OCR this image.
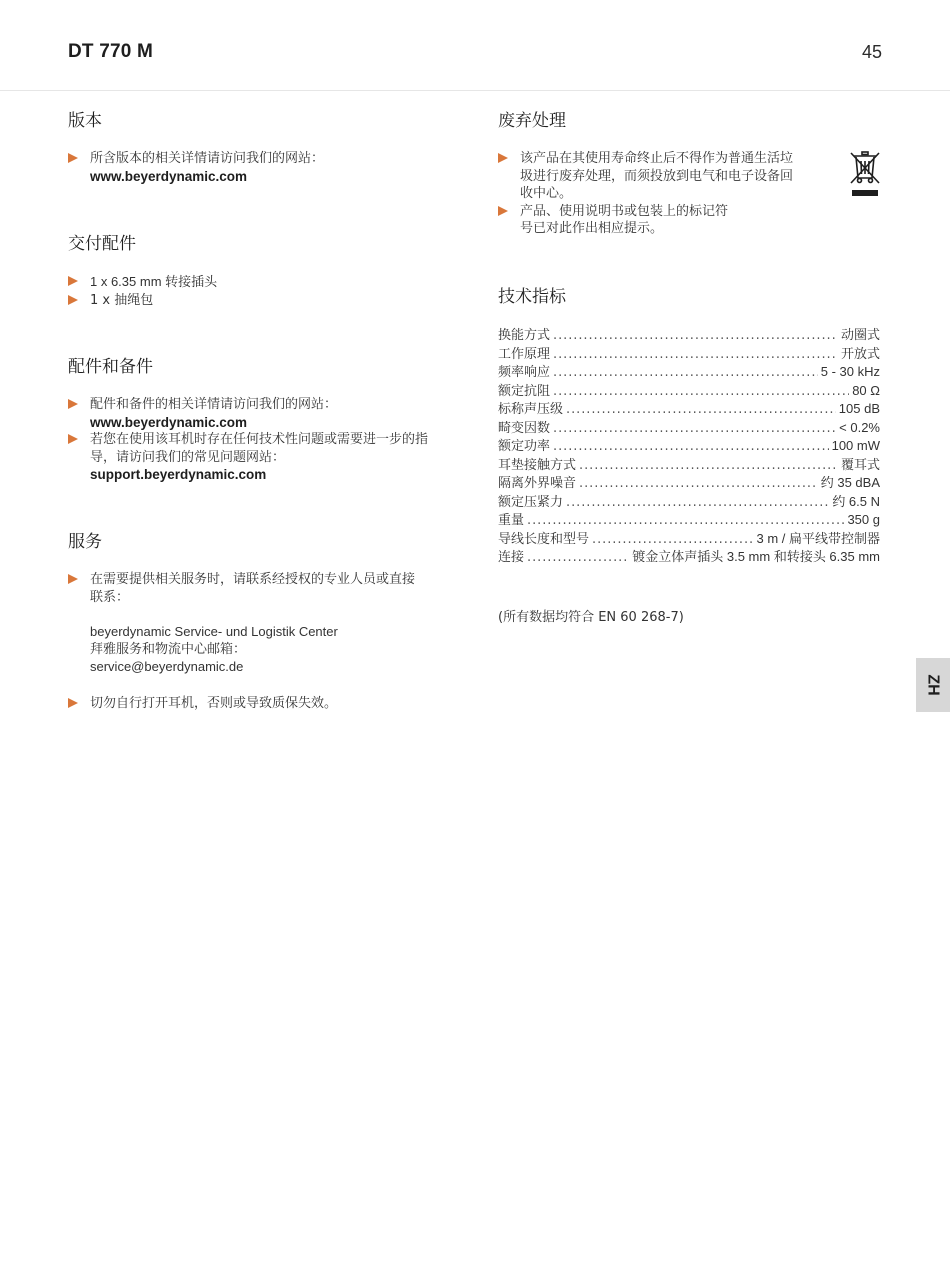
DT 770 M	45
版本
所含版本的相关详情请访问我们的网站：
www.beyerdynamic.com
交付配件
1 x 6.35 mm 转接插头
1 x 抽绳包
配件和备件
配件和备件的相关详情请访问我们的网站：
www.beyerdynamic.com
若您在使用该耳机时存在任何技术性问题或需要进一步的指
导，请访问我们的常见问题网站：
support.beyerdynamic.com
服务
在需要提供相关服务时，请联系经授权的专业人员或直接
联系：
beyerdynamic Service- und Logistik Center
拜雅服务和物流中心邮箱：
service@beyerdynamic.de
切勿自行打开耳机，否则或导致质保失效。
废弃处理
该产品在其使用寿命终止后不得作为普通生活垃
圾进行废弃处理，而须投放到电气和电子设备回
收中心。
产品、使用说明书或包装上的标记符
号已对此作出相应提示。
技术指标
换能方式 . . .	动圈式
工作原理 . . .	开放式
频率响应 . . .	5 - 30 kHz
额定抗阻 . . .	80 Ω
标称声压级 . . .	105 dB
畸变因数 . . .	< 0.2%
额定功率 . . .	100 mW
耳垫接触方式 . . .	覆耳式
隔离外界噪音 . . .	约 35 dBA
额定压紧力 . . .	约 6.5 N
重量 . . .	350 g
导线长度和型号 . . .	3 m / 扁平线带控制器
连接 . . .	镀金立体声插头 3.5 mm 和转接头 6.35 mm
(所有数据均符合 EN 60 268-7)
ZH
